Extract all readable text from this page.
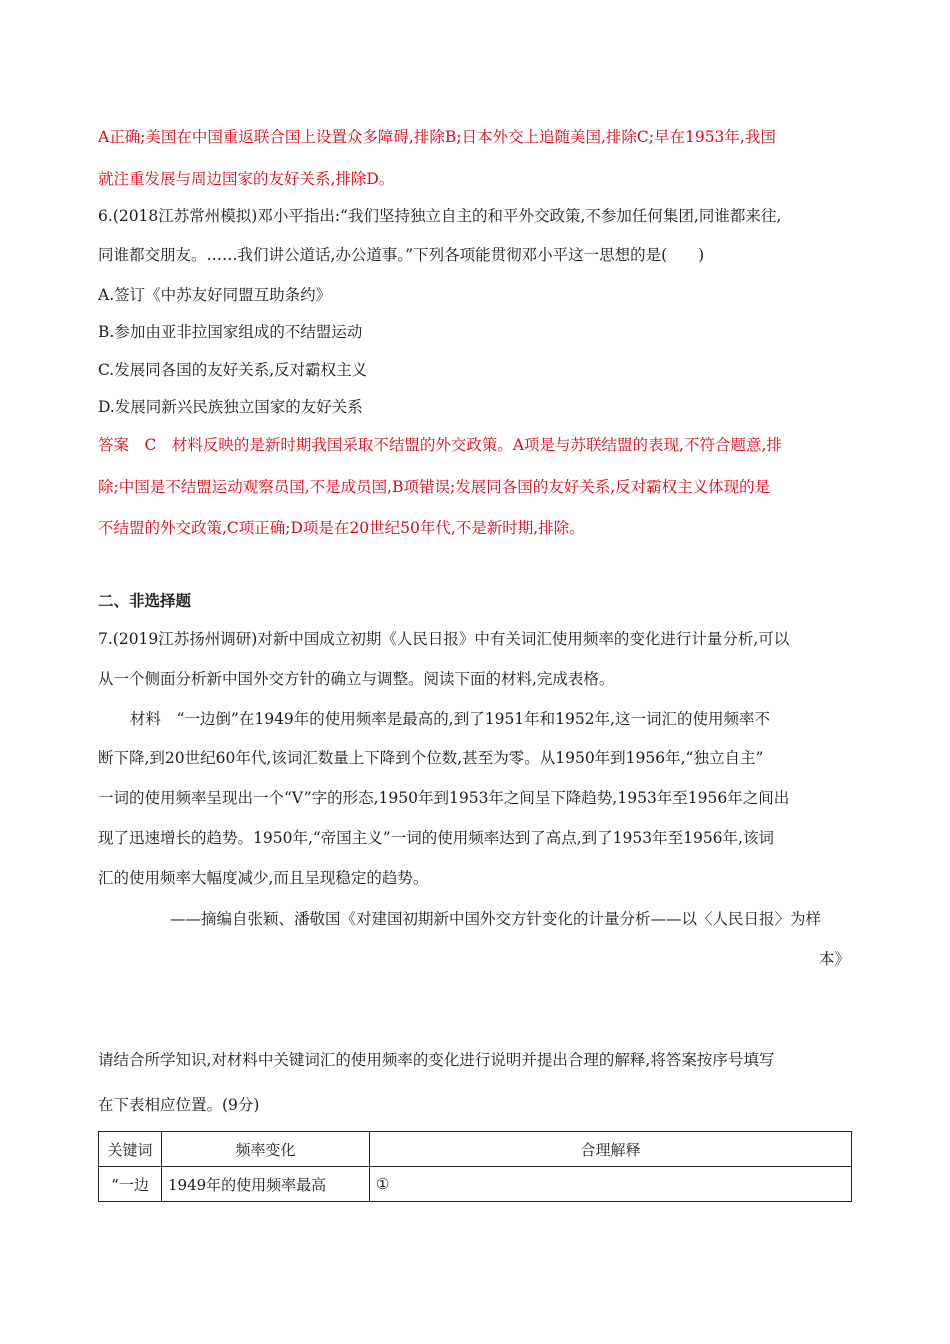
A正确;美国在中国重返联合国上设置众多障碍,排除B;日本外交上追随美国,排除C;早在1953年,我国
就注重发展与周边国家的友好关系,排除D。
6.(2018江苏常州模拟)邓小平指出:“我们坚持独立自主的和平外交政策,不参加任何集团,同谁都来往,
同谁都交朋友。……我们讲公道话,办公道事。”下列各项能贯彻邓小平这一思想的是(　　)
A.签订《中苏友好同盟互助条约》
B.参加由亚非拉国家组成的不结盟运动
C.发展同各国的友好关系,反对霸权主义
D.发展同新兴民族独立国家的友好关系
答案　C　材料反映的是新时期我国采取不结盟的外交政策。A项是与苏联结盟的表现,不符合题意,排
除;中国是不结盟运动观察员国,不是成员国,B项错误;发展同各国的友好关系,反对霸权主义体现的是
不结盟的外交政策,C项正确;D项是在20世纪50年代,不是新时期,排除。
二、非选择题
7.(2019江苏扬州调研)对新中国成立初期《人民日报》中有关词汇使用频率的变化进行计量分析,可以
从一个侧面分析新中国外交方针的确立与调整。阅读下面的材料,完成表格。
材料　“一边倒”在1949年的使用频率是最高的,到了1951年和1952年,这一词汇的使用频率不
断下降,到20世纪60年代,该词汇数量上下降到个位数,甚至为零。从1950年到1956年,“独立自主”
一词的使用频率呈现出一个“V”字的形态,1950年到1953年之间呈下降趋势,1953年至1956年之间出
现了迅速增长的趋势。1950年,“帝国主义”一词的使用频率达到了高点,到了1953年至1956年,该词
汇的使用频率大幅度减少,而且呈现稳定的趋势。
——摘编自张颖、潘敬国《对建国初期新中国外交方针变化的计量分析——以〈人民日报〉为样
本》
请结合所学知识,对材料中关键词汇的使用频率的变化进行说明并提出合理的解释,将答案按序号填写
在下表相应位置。(9分)
关键词	频率变化	合理解释
“一边	1949年的使用频率最高	①
